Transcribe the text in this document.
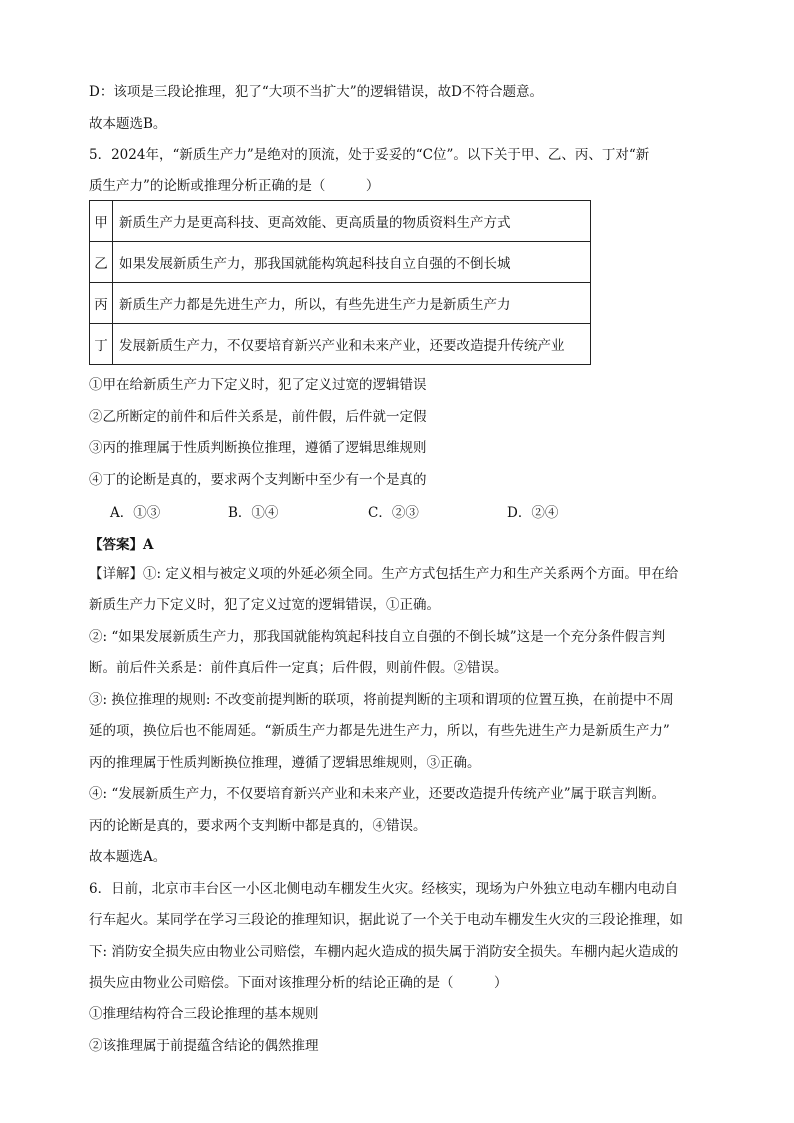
D：该项是三段论推理，犯了“大项不当扩大”的逻辑错误，故D不符合题意。
故本题选B。
5．2024年，“新质生产力”是绝对的顶流，处于妥妥的“C位”。以下关于甲、乙、丙、丁对“新
质生产力”的论断或推理分析正确的是（　　　）
甲	新质生产力是更高科技、更高效能、更高质量的物质资料生产方式
乙	如果发展新质生产力，那我国就能构筑起科技自立自强的不倒长城
丙	新质生产力都是先进生产力，所以，有些先进生产力是新质生产力
丁	发展新质生产力，不仅要培育新兴产业和未来产业，还要改造提升传统产业
①甲在给新质生产力下定义时，犯了定义过宽的逻辑错误
②乙所断定的前件和后件关系是，前件假，后件就一定假
③丙的推理属于性质判断换位推理，遵循了逻辑思维规则
④丁的论断是真的，要求两个支判断中至少有一个是真的
A．①③	B．①④	C．②③	D．②④
【答案】A
【详解】①: 定义相与被定义项的外延必须全同。生产方式包括生产力和生产关系两个方面。甲在给
新质生产力下定义时，犯了定义过宽的逻辑错误，①正确。
②: “如果发展新质生产力，那我国就能构筑起科技自立自强的不倒长城”这是一个充分条件假言判
断。前后件关系是：前件真后件一定真；后件假，则前件假。②错误。
③: 换位推理的规则: 不改变前提判断的联项，将前提判断的主项和谓项的位置互换，在前提中不周
延的项，换位后也不能周延。“新质生产力都是先进生产力，所以，有些先进生产力是新质生产力”
丙的推理属于性质判断换位推理，遵循了逻辑思维规则，③正确。
④: “发展新质生产力，不仅要培育新兴产业和未来产业，还要改造提升传统产业”属于联言判断。
丙的论断是真的，要求两个支判断中都是真的，④错误。
故本题选A。
6．日前，北京市丰台区一小区北侧电动车棚发生火灾。经核实，现场为户外独立电动车棚内电动自
行车起火。某同学在学习三段论的推理知识，据此说了一个关于电动车棚发生火灾的三段论推理，如
下: 消防安全损失应由物业公司赔偿，车棚内起火造成的损失属于消防安全损失。车棚内起火造成的
损失应由物业公司赔偿。下面对该推理分析的结论正确的是（　　　）
①推理结构符合三段论推理的基本规则
②该推理属于前提蕴含结论的偶然推理
